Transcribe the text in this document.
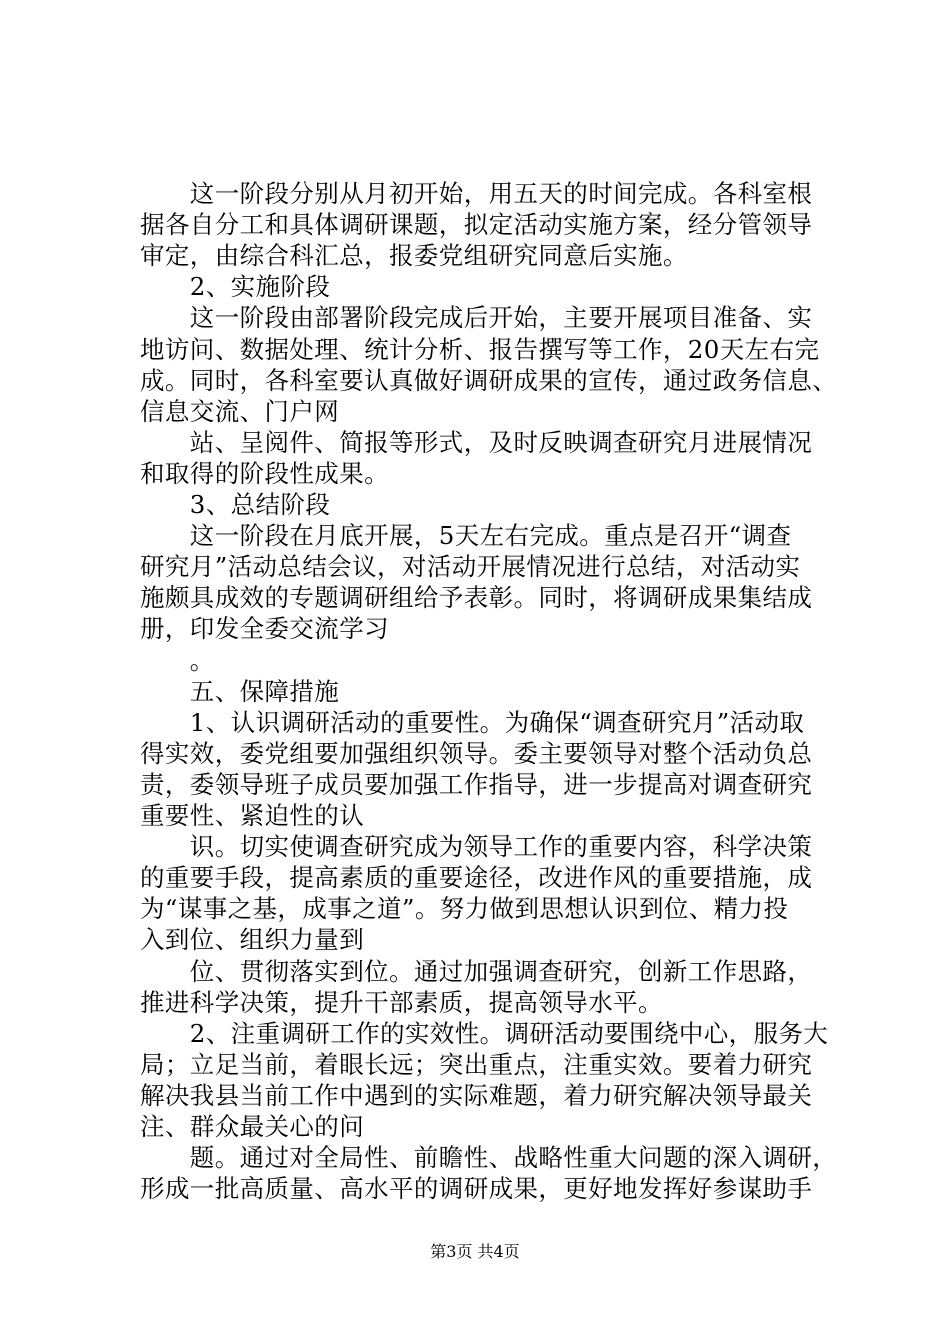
　　这一阶段分别从月初开始，用五天的时间完成。各科室根
据各自分工和具体调研课题，拟定活动实施方案，经分管领导
审定，由综合科汇总，报委党组研究同意后实施。
　　2、实施阶段
　　这一阶段由部署阶段完成后开始，主要开展项目准备、实
地访问、数据处理、统计分析、报告撰写等工作，20天左右完
成。同时，各科室要认真做好调研成果的宣传，通过政务信息、
信息交流、门户网
　　站、呈阅件、简报等形式，及时反映调查研究月进展情况
和取得的阶段性成果。
　　3、总结阶段
　　这一阶段在月底开展，5天左右完成。重点是召开“调查
研究月”活动总结会议，对活动开展情况进行总结，对活动实
施颇具成效的专题调研组给予表彰。同时，将调研成果集结成
册，印发全委交流学习
　　。
　　五、保障措施
　　1、认识调研活动的重要性。为确保“调查研究月”活动取
得实效，委党组要加强组织领导。委主要领导对整个活动负总
责，委领导班子成员要加强工作指导，进一步提高对调查研究
重要性、紧迫性的认
　　识。切实使调查研究成为领导工作的重要内容，科学决策
的重要手段，提高素质的重要途径，改进作风的重要措施，成
为“谋事之基，成事之道”。努力做到思想认识到位、精力投
入到位、组织力量到
　　位、贯彻落实到位。通过加强调查研究，创新工作思路，
推进科学决策，提升干部素质，提高领导水平。
　　2、注重调研工作的实效性。调研活动要围绕中心，服务大
局；立足当前，着眼长远；突出重点，注重实效。要着力研究
解决我县当前工作中遇到的实际难题，着力研究解决领导最关
注、群众最关心的问
　　题。通过对全局性、前瞻性、战略性重大问题的深入调研，
形成一批高质量、高水平的调研成果，更好地发挥好参谋助手
第3页 共4页
